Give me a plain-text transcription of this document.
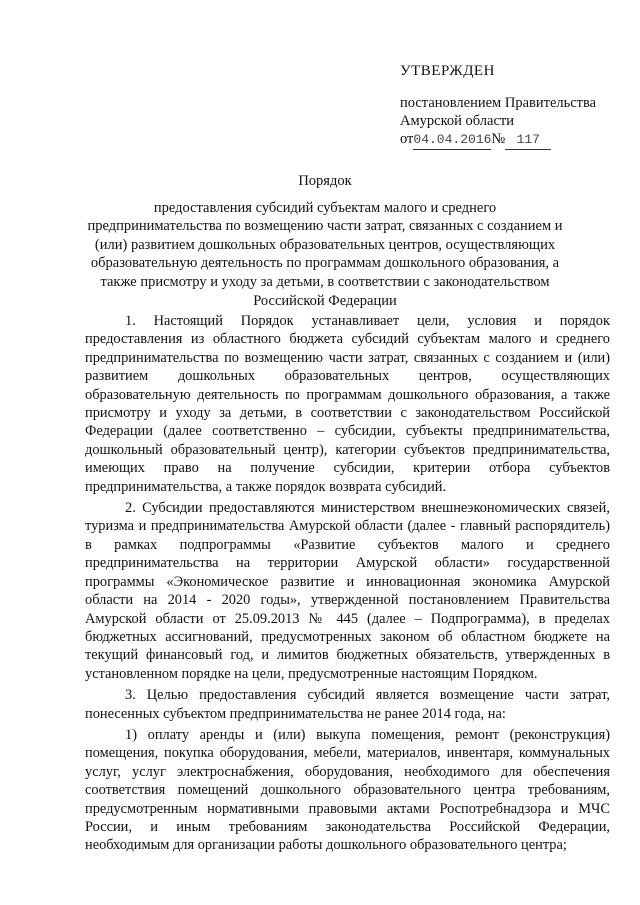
УТВЕРЖДЕН
постановлением Правительства
Амурской области
от04.04.2016№ 117
Порядок
предоставления субсидий субъектам малого и среднего предпринимательства по возмещению части затрат, связанных с созданием и (или) развитием дошкольных образовательных центров, осуществляющих образовательную деятельность по программам дошкольного образования, а также присмотру и уходу за детьми, в соответствии с законодательством Российской Федерации

1. Настоящий Порядок устанавливает цели, условия и порядок предоставления из областного бюджета субсидий субъектам малого и среднего предпринимательства по возмещению части затрат, связанных с созданием и (или) развитием дошкольных образовательных центров, осуществляющих образовательную деятельность по программам дошкольного образования, а также присмотру и уходу за детьми, в соответствии с законодательством Российской Федерации (далее соответственно – субсидии, субъекты предпринимательства, дошкольный образовательный центр), категории субъектов предпринимательства, имеющих право на получение субсидии, критерии отбора субъектов предпринимательства, а также порядок возврата субсидий.

2. Субсидии предоставляются министерством внешнеэкономических связей, туризма и предпринимательства Амурской области (далее - главный распорядитель) в рамках подпрограммы «Развитие субъектов малого и среднего предпринимательства на территории Амурской области» государственной программы «Экономическое развитие и инновационная экономика Амурской области на 2014 - 2020 годы», утвержденной постановлением Правительства Амурской области от 25.09.2013 № 445 (далее – Подпрограмма), в пределах бюджетных ассигнований, предусмотренных законом об областном бюджете на текущий финансовый год, и лимитов бюджетных обязательств, утвержденных в установленном порядке на цели, предусмотренные настоящим Порядком.

3. Целью предоставления субсидий является возмещение части затрат, понесенных субъектом предпринимательства не ранее 2014 года, на:

1) оплату аренды и (или) выкупа помещения, ремонт (реконструкция) помещения, покупка оборудования, мебели, материалов, инвентаря, коммунальных услуг, услуг электроснабжения, оборудования, необходимого для обеспечения соответствия помещений дошкольного образовательного центра требованиям, предусмотренным нормативными правовыми актами Роспотребнадзора и МЧС России, и иным требованиям законодательства Российской Федерации, необходимым для организации работы дошкольного образовательного центра;
